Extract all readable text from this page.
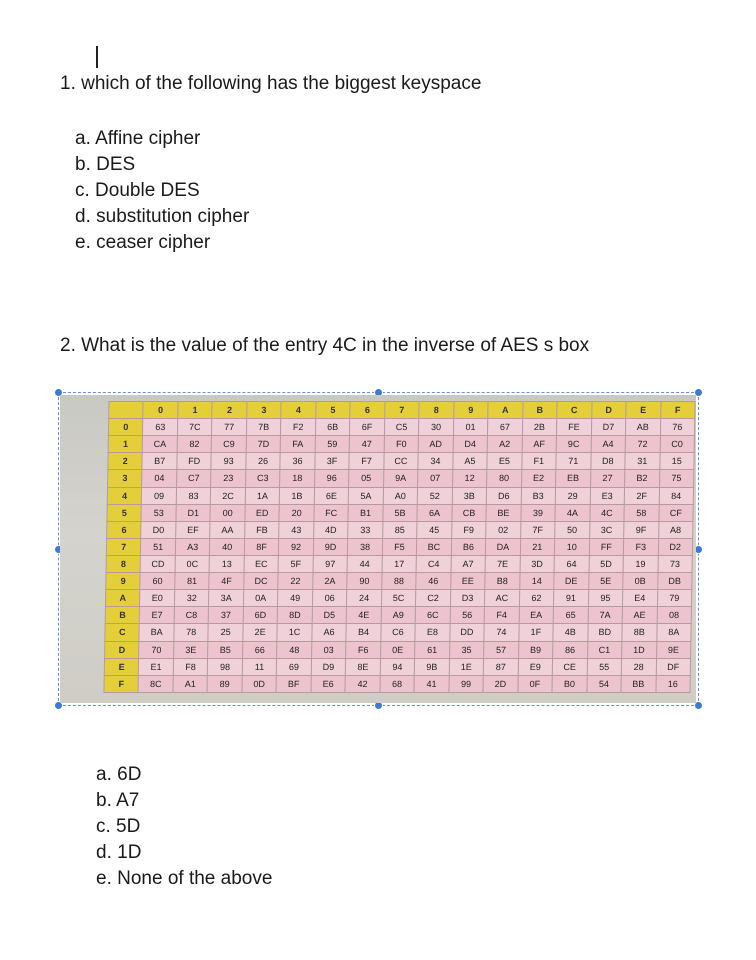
1. which of the following has the biggest keyspace
a. Affine cipher
b. DES
c. Double DES
d. substitution cipher
e. ceaser cipher
2. What is the value of the entry 4C in the inverse of AES s box
	0	1	2	3	4	5	6	7	8	9	A	B	C	D	E	F
0	63	7C	77	7B	F2	6B	6F	C5	30	01	67	2B	FE	D7	AB	76
1	CA	82	C9	7D	FA	59	47	F0	AD	D4	A2	AF	9C	A4	72	C0
2	B7	FD	93	26	36	3F	F7	CC	34	A5	E5	F1	71	D8	31	15
3	04	C7	23	C3	18	96	05	9A	07	12	80	E2	EB	27	B2	75
4	09	83	2C	1A	1B	6E	5A	A0	52	3B	D6	B3	29	E3	2F	84
5	53	D1	00	ED	20	FC	B1	5B	6A	CB	BE	39	4A	4C	58	CF
6	D0	EF	AA	FB	43	4D	33	85	45	F9	02	7F	50	3C	9F	A8
7	51	A3	40	8F	92	9D	38	F5	BC	B6	DA	21	10	FF	F3	D2
8	CD	0C	13	EC	5F	97	44	17	C4	A7	7E	3D	64	5D	19	73
9	60	81	4F	DC	22	2A	90	88	46	EE	B8	14	DE	5E	0B	DB
A	E0	32	3A	0A	49	06	24	5C	C2	D3	AC	62	91	95	E4	79
B	E7	C8	37	6D	8D	D5	4E	A9	6C	56	F4	EA	65	7A	AE	08
C	BA	78	25	2E	1C	A6	B4	C6	E8	DD	74	1F	4B	BD	8B	8A
D	70	3E	B5	66	48	03	F6	0E	61	35	57	B9	86	C1	1D	9E
E	E1	F8	98	11	69	D9	8E	94	9B	1E	87	E9	CE	55	28	DF
F	8C	A1	89	0D	BF	E6	42	68	41	99	2D	0F	B0	54	BB	16
a. 6D
b. A7
c. 5D
d. 1D
e. None of the above
